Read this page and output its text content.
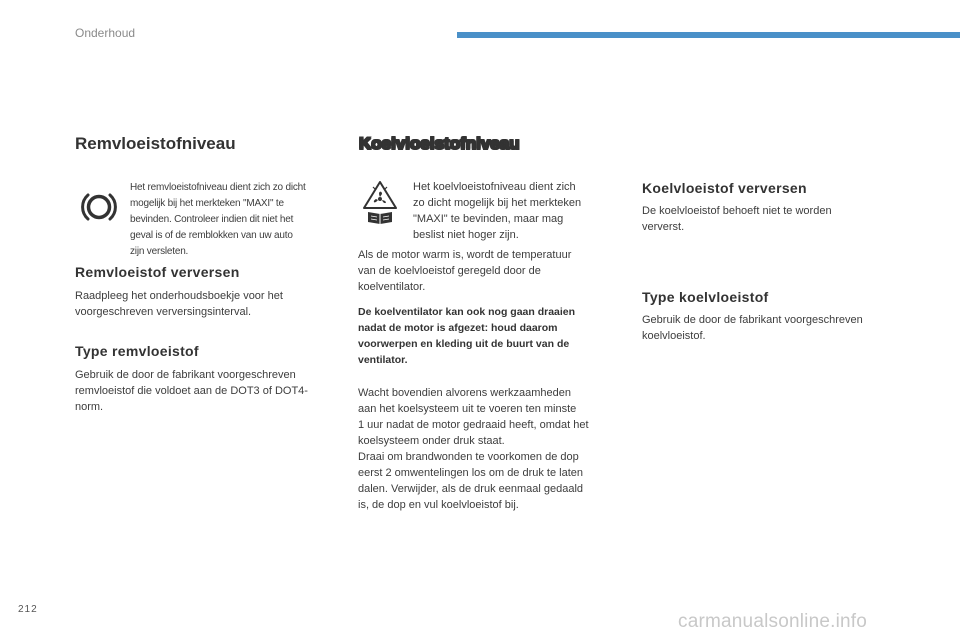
Onderhoud
Remvloeistofniveau

Het remvloeistofniveau dient zich zo dicht

mogelijk bij het merkteken "MAXI" te

bevinden. Controleer indien dit niet het

geval is of de remblokken van uw auto

zijn versleten.

Remvloeistof verversen

Raadpleeg het onderhoudsboekje voor het

voorgeschreven verversingsinterval.

Type remvloeistof

Gebruik de door de fabrikant voorgeschreven

remvloeistof die voldoet aan de DOT3 of DOT4-

norm.

Koelvloeistofniveau

Het koelvloeistofniveau dient zich

zo dicht mogelijk bij het merkteken

"MAXI" te bevinden, maar mag

beslist niet hoger zijn.

Als de motor warm is, wordt de temperatuur

van de koelvloeistof geregeld door de

koelventilator.

De koelventilator kan ook nog gaan draaien

nadat de motor is afgezet: houd daarom

voorwerpen en kleding uit de buurt van de

ventilator.

Wacht bovendien alvorens werkzaamheden

aan het koelsysteem uit te voeren ten minste

1 uur nadat de motor gedraaid heeft, omdat het

koelsysteem onder druk staat.

Draai om brandwonden te voorkomen de dop

eerst 2 omwentelingen los om de druk te laten

dalen. Verwijder, als de druk eenmaal gedaald

is, de dop en vul koelvloeistof bij.

Koelvloeistof verversen

De koelvloeistof behoeft niet te worden

ververst.

Type koelvloeistof

Gebruik de door de fabrikant voorgeschreven

koelvloeistof.

212
carmanualsonline.info
